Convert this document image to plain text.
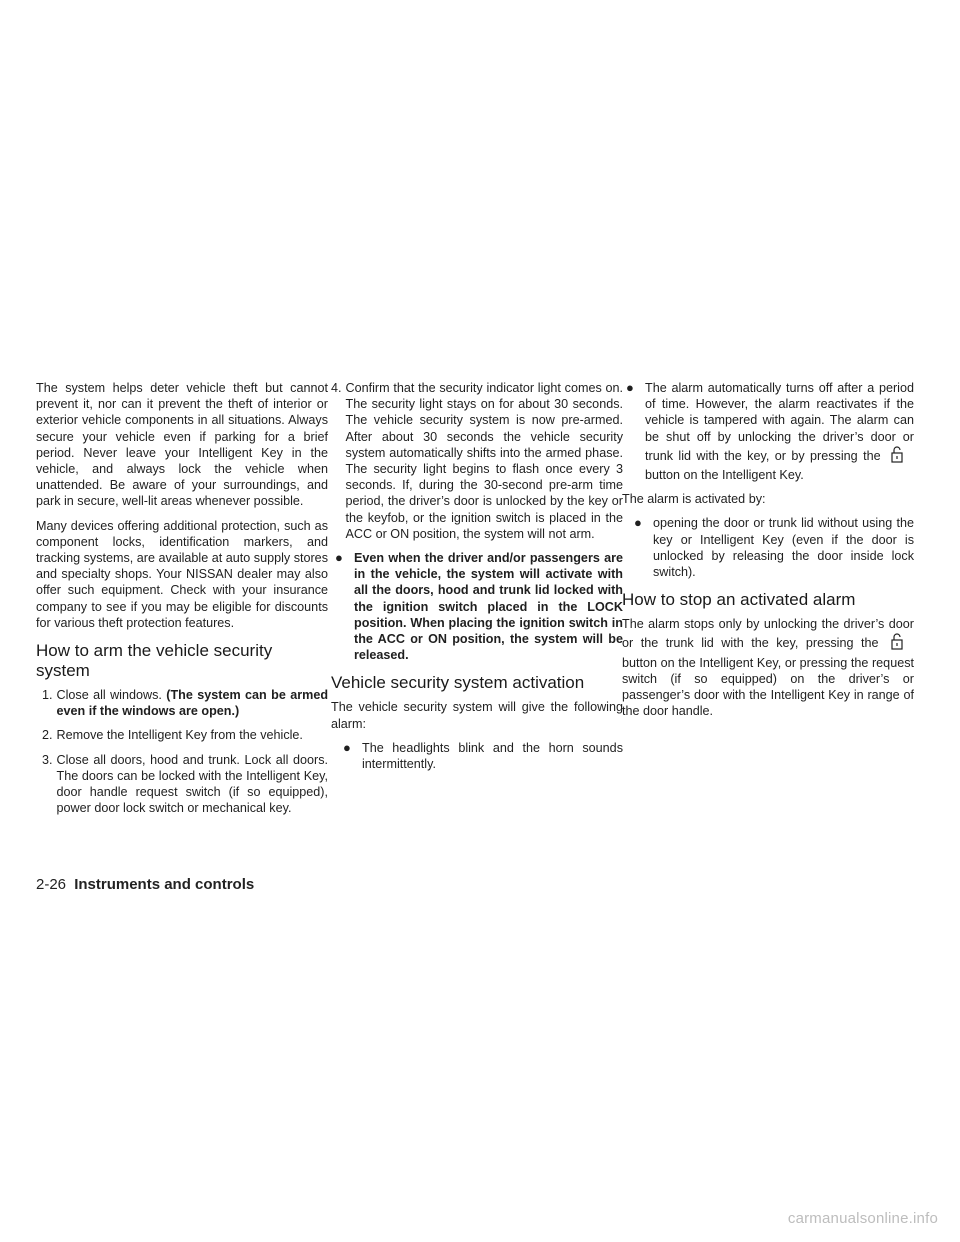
The system helps deter vehicle theft but cannot prevent it, nor can it prevent the theft of interior or exterior vehicle components in all situations. Always secure your vehicle even if parking for a brief period. Never leave your Intelligent Key in the vehicle, and always lock the vehicle when unattended. Be aware of your surroundings, and park in secure, well-lit areas whenever possible.

Many devices offering additional protection, such as component locks, identification markers, and tracking systems, are available at auto supply stores and specialty shops. Your NISSAN dealer may also offer such equipment. Check with your insurance company to see if you may be eligible for discounts for various theft protection features.

How to arm the vehicle security system
1. Close all windows. (The system can be armed even if the windows are open.)
2. Remove the Intelligent Key from the vehicle.
3. Close all doors, hood and trunk. Lock all doors. The doors can be locked with the Intelligent Key, door handle request switch (if so equipped), power door lock switch or mechanical key.
4. Confirm that the security indicator light comes on. The security light stays on for about 30 seconds. The vehicle security system is now pre-armed. After about 30 seconds the vehicle security system automatically shifts into the armed phase. The security light begins to flash once every 3 seconds. If, during the 30-second pre-arm time period, the driver’s door is unlocked by the key or the keyfob, or the ignition switch is placed in the ACC or ON position, the system will not arm.
● Even when the driver and/or passengers are in the vehicle, the system will activate with all the doors, hood and trunk lid locked with the ignition switch placed in the LOCK position. When placing the ignition switch in the ACC or ON position, the system will be released.
Vehicle security system activation

The vehicle security system will give the following alarm:

● The headlights blink and the horn sounds intermittently.
● The alarm automatically turns off after a period of time. However, the alarm reactivates if the vehicle is tampered with again. The alarm can be shut off by unlocking the driver’s door or trunk lid with the key, or by pressing the  button on the Intelligent Key.

The alarm is activated by:

● opening the door or trunk lid without using the key or Intelligent Key (even if the door is unlocked by releasing the door inside lock switch).
How to stop an activated alarm

The alarm stops only by unlocking the driver’s door or the trunk lid with the key, pressing the  button on the Intelligent Key, or pressing the request switch (if so equipped) on the driver’s or passenger’s door with the Intelligent Key in range of the door handle.

2-26 Instruments and controls
carmanualsonline.info
